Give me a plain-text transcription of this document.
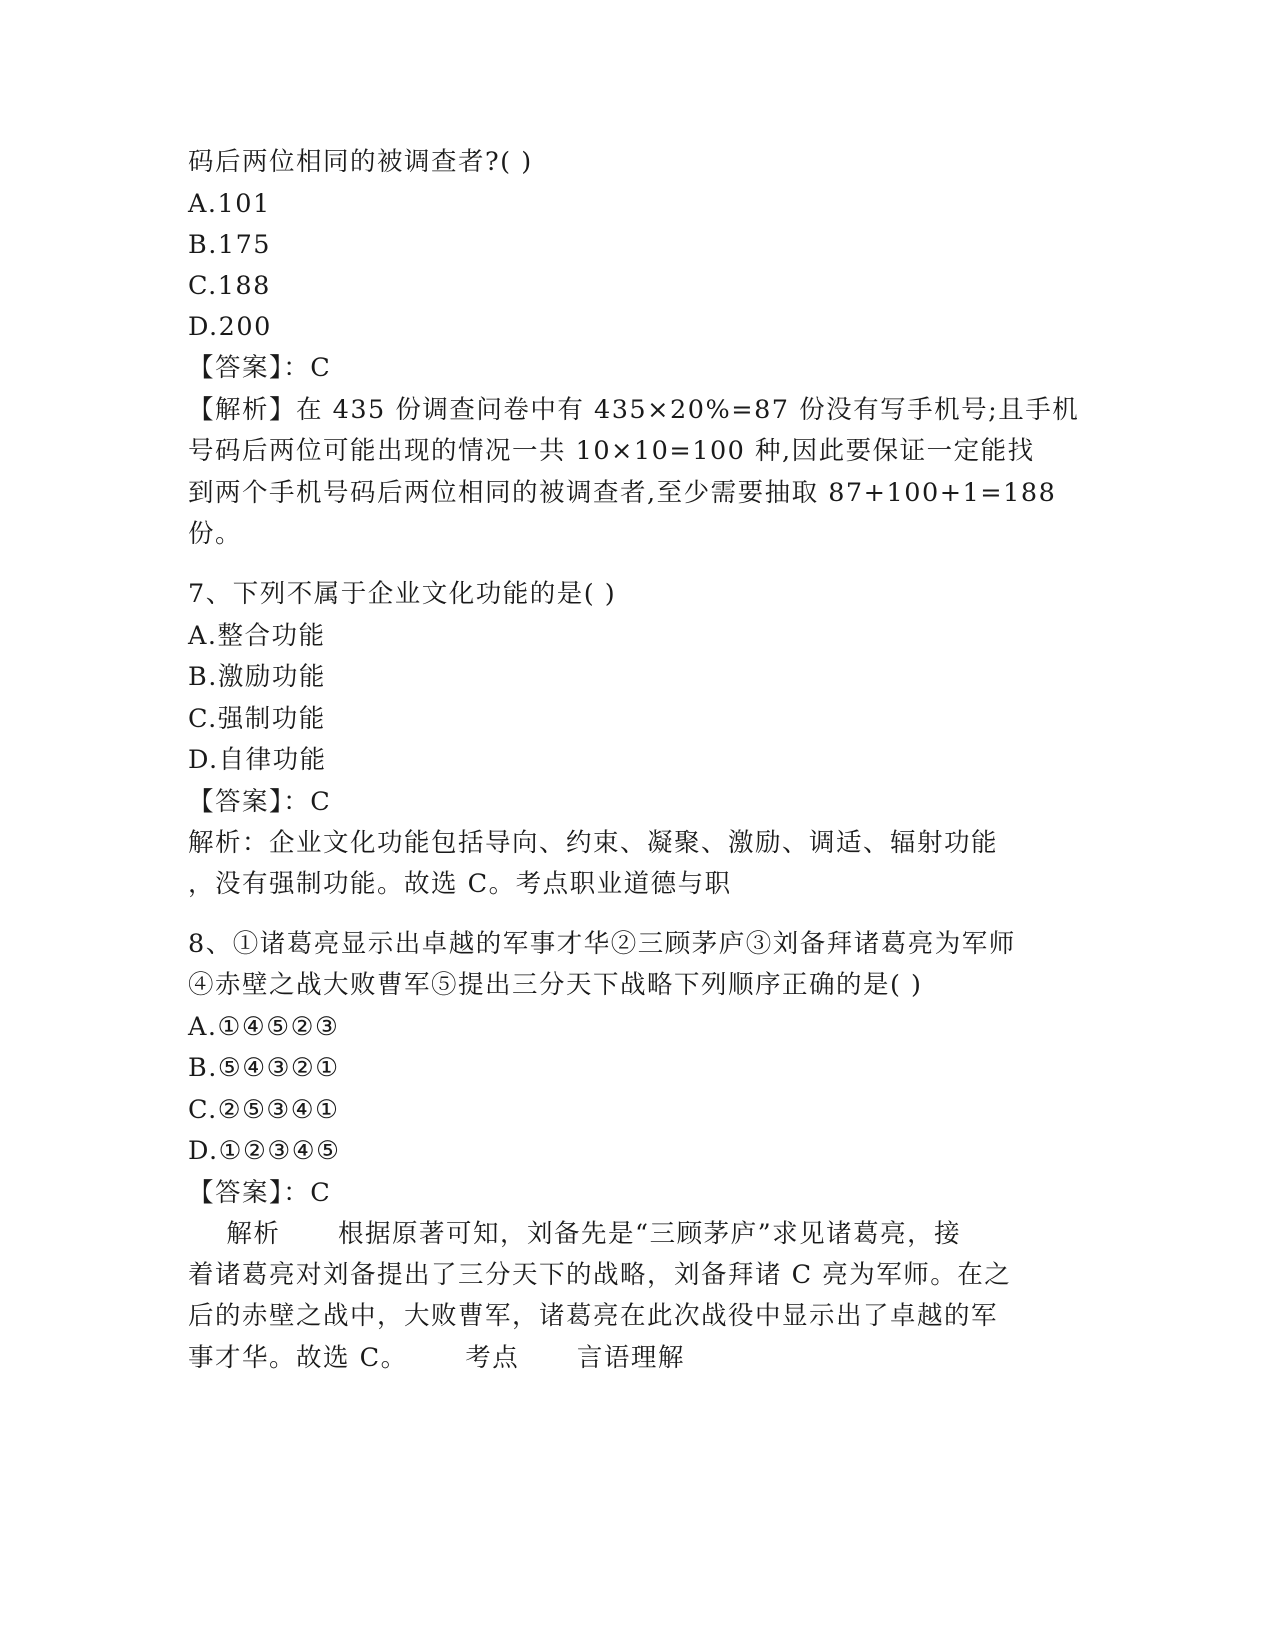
码后两位相同的被调查者?( )
A.101
B.175
C.188
D.200
【答案】：C
【解析】在 435 份调查问卷中有 435×20%=87 份没有写手机号;且手机
号码后两位可能出现的情况一共 10×10=100 种,因此要保证一定能找
到两个手机号码后两位相同的被调查者,至少需要抽取 87+100+1=188
份。
7、下列不属于企业文化功能的是( )
A.整合功能
B.激励功能
C.强制功能
D.自律功能
【答案】：C
解析：企业文化功能包括导向、约束、凝聚、激励、调适、辐射功能
，没有强制功能。故选 C。考点职业道德与职
8、①诸葛亮显示出卓越的军事才华②三顾茅庐③刘备拜诸葛亮为军师
④赤壁之战大败曹军⑤提出三分天下战略下列顺序正确的是( )
A.①④⑤②③
B.⑤④③②①
C.②⑤③④①
D.①②③④⑤
【答案】：C
解析      根据原著可知，刘备先是“三顾茅庐”求见诸葛亮，接
着诸葛亮对刘备提出了三分天下的战略，刘备拜诸 C 亮为军师。在之
后的赤壁之战中，大败曹军，诸葛亮在此次战役中显示出了卓越的军
事才华。故选 C。      考点      言语理解
